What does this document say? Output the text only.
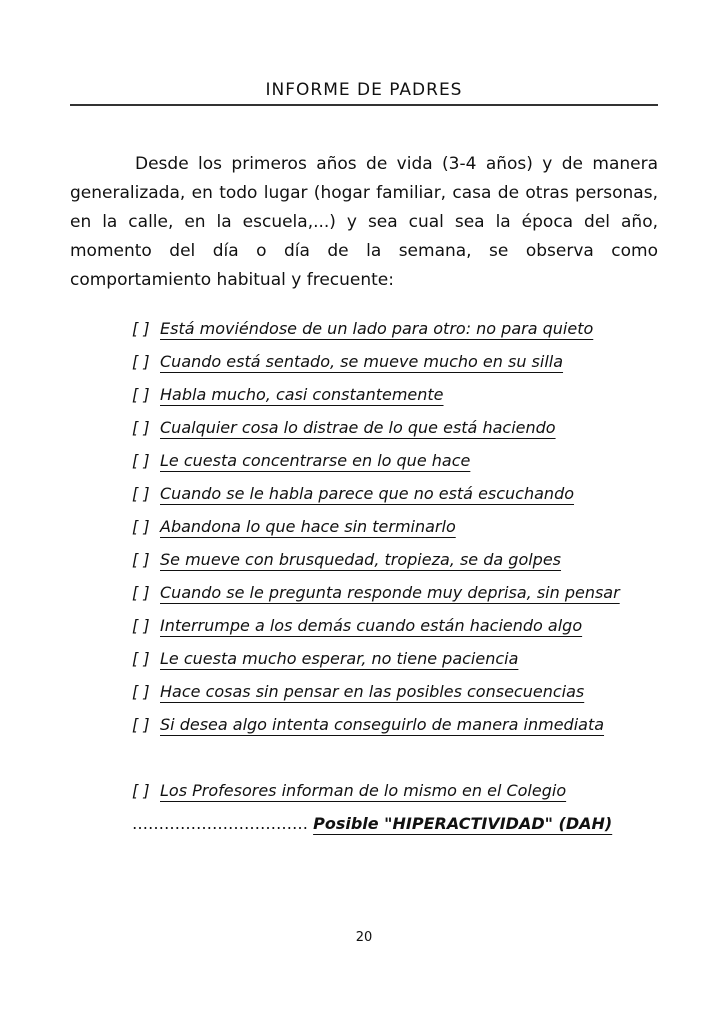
INFORME DE PADRES

Desde los primeros años de vida (3-4 años) y de manera generalizada, en todo lugar (hogar familiar, casa de otras personas, en la calle, en la escuela,...) y sea cual sea la época del año, momento del día o día de la semana, se observa como comportamiento habitual y frecuente:

[ ] Está moviéndose de un lado para otro: no para quieto
[ ] Cuando está sentado, se mueve mucho en su silla
[ ] Habla mucho, casi constantemente
[ ] Cualquier cosa lo distrae de lo que está haciendo
[ ] Le cuesta concentrarse en lo que hace
[ ] Cuando se le habla parece que no está escuchando
[ ] Abandona lo que hace sin terminarlo
[ ] Se mueve con brusquedad, tropieza, se da golpes
[ ] Cuando se le pregunta responde muy deprisa, sin pensar
[ ] Interrumpe a los demás cuando están haciendo algo
[ ] Le cuesta mucho esperar, no tiene paciencia
[ ] Hace cosas sin pensar en las posibles consecuencias
[ ] Si desea algo intenta conseguirlo de manera inmediata
[ ] Los Profesores informan de lo mismo en el Colegio
…………………………… Posible "HIPERACTIVIDAD" (DAH)
20
